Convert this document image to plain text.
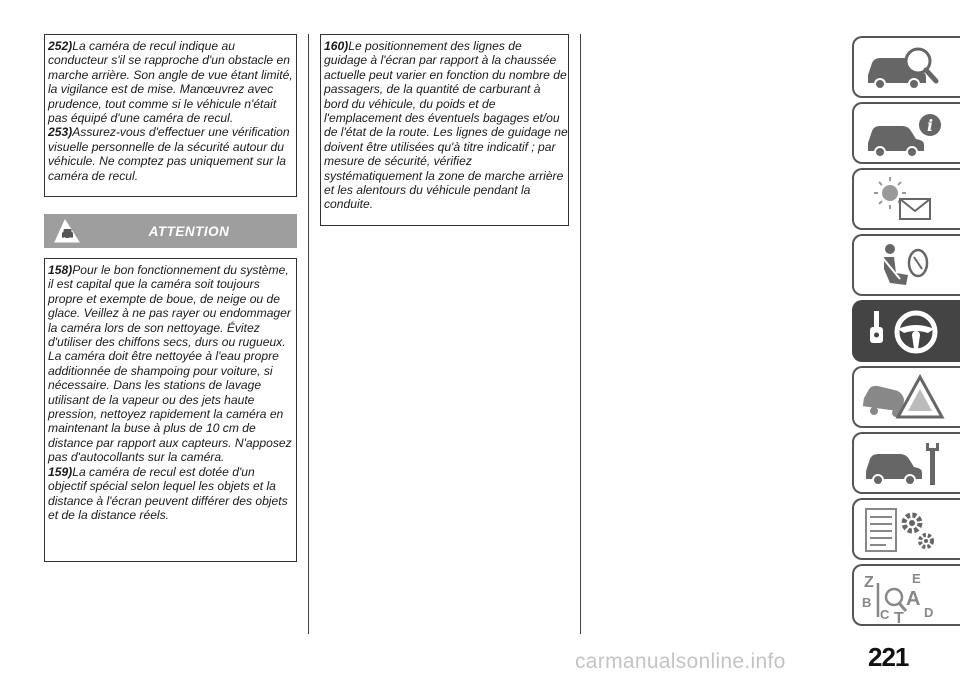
252)La caméra de recul indique au conducteur s'il se rapproche d'un obstacle en marche arrière. Son angle de vue étant limité, la vigilance est de mise. Manœuvrez avec prudence, tout comme si le véhicule n'était pas équipé d'une caméra de recul.

253)Assurez-vous d'effectuer une vérification visuelle personnelle de la sécurité autour du véhicule. Ne comptez pas uniquement sur la caméra de recul.

ATTENTION

158)Pour le bon fonctionnement du système, il est capital que la caméra soit toujours propre et exempte de boue, de neige ou de glace. Veillez à ne pas rayer ou endommager la caméra lors de son nettoyage. Évitez d'utiliser des chiffons secs, durs ou rugueux. La caméra doit être nettoyée à l'eau propre additionnée de shampoing pour voiture, si nécessaire. Dans les stations de lavage utilisant de la vapeur ou des jets haute pression, nettoyez rapidement la caméra en maintenant la buse à plus de 10 cm de distance par rapport aux capteurs. N'apposez pas d'autocollants sur la caméra.

159)La caméra de recul est dotée d'un objectif spécial selon lequel les objets et la distance à l'écran peuvent différer des objets et de la distance réels.

160)Le positionnement des lignes de guidage à l'écran par rapport à la chaussée actuelle peut varier en fonction du nombre de passagers, de la quantité de carburant à bord du véhicule, du poids et de l'emplacement des éventuels bagages et/ou de l'état de la route. Les lignes de guidage ne doivent être utilisées qu'à titre indicatif ; par mesure de sécurité, vérifiez systématiquement la zone de marche arrière et les alentours du véhicule pendant la conduite.

i
Z	E
B A
C	D
T
221
carmanualsonline.info
